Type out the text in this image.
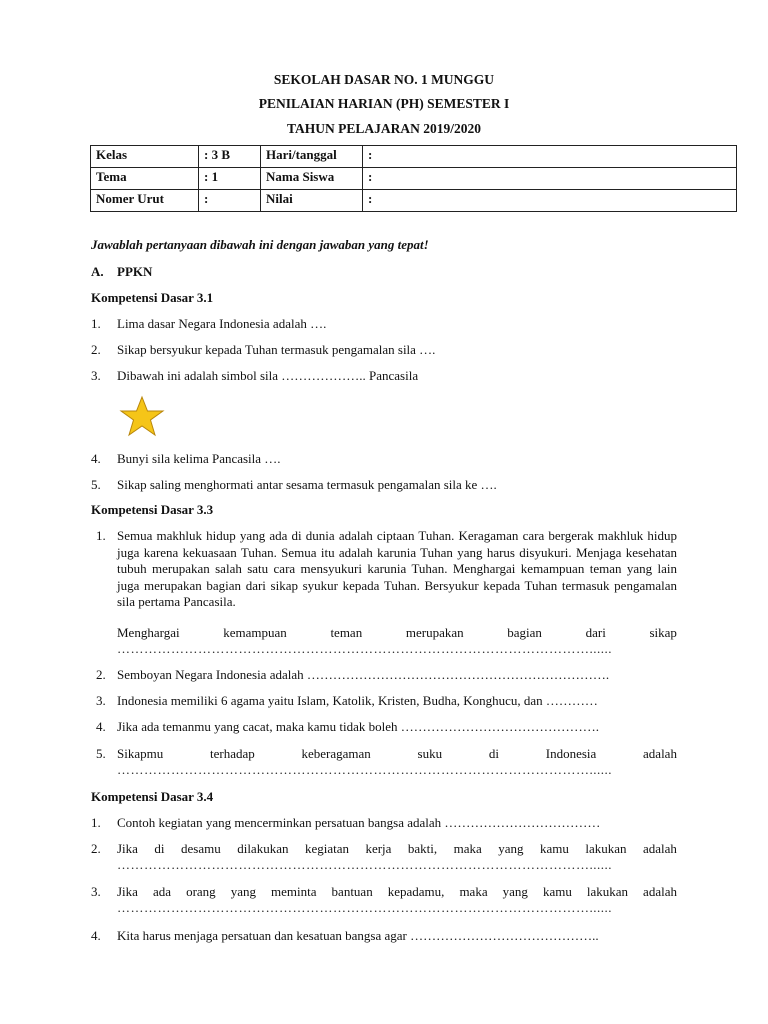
SEKOLAH DASAR NO. 1 MUNGGU
PENILAIAN HARIAN (PH) SEMESTER I
TAHUN PELAJARAN 2019/2020
Kelas	: 3 B	Hari/tanggal	:
Tema	: 1	Nama Siswa	:
Nomer Urut	:	Nilai	:
Jawablah pertanyaan dibawah ini dengan jawaban yang tepat!
A. PPKN
Kompetensi Dasar 3.1
1. Lima dasar Negara Indonesia adalah ….
2. Sikap bersyukur kepada Tuhan termasuk pengamalan sila ….
3. Dibawah ini adalah simbol sila ……………….. Pancasila
4. Bunyi sila kelima Pancasila ….
5. Sikap saling menghormati antar sesama termasuk pengamalan sila ke ….
Kompetensi Dasar 3.3
1. Semua makhluk hidup yang ada di dunia adalah ciptaan Tuhan. Keragaman cara bergerak makhluk hidup juga karena kekuasaan Tuhan. Semua itu adalah karunia Tuhan yang harus disyukuri. Menjaga kesehatan tubuh merupakan salah satu cara mensyukuri karunia Tuhan. Menghargai kemampuan teman yang lain juga merupakan bagian dari sikap syukur kepada Tuhan. Bersyukur kepada Tuhan termasuk pengamalan sila pertama Pancasila.
Menghargai	kemampuan	teman	merupakan	bagian	dari	sikap
……………………………………………………………………………………………......
2. Semboyan Negara Indonesia adalah …………………………………………………………….
3. Indonesia memiliki 6 agama yaitu Islam, Katolik, Kristen, Budha, Konghucu, dan …………
4. Jika ada temanmu yang cacat, maka kamu tidak boleh ……………………………………….
5. Sikapmu	terhadap	keberagaman	suku	di	Indonesia	adalah
……………………………………………………………………………………………......
Kompetensi Dasar 3.4
1. Contoh kegiatan yang mencerminkan persatuan bangsa adalah ………………………………
2. Jika di desamu dilakukan kegiatan kerja bakti, maka yang kamu lakukan adalah
……………………………………………………………………………………………......
3. Jika ada orang yang meminta bantuan kepadamu, maka yang kamu lakukan adalah
……………………………………………………………………………………………......
4. Kita harus menjaga persatuan dan kesatuan bangsa agar ……………………………………..
